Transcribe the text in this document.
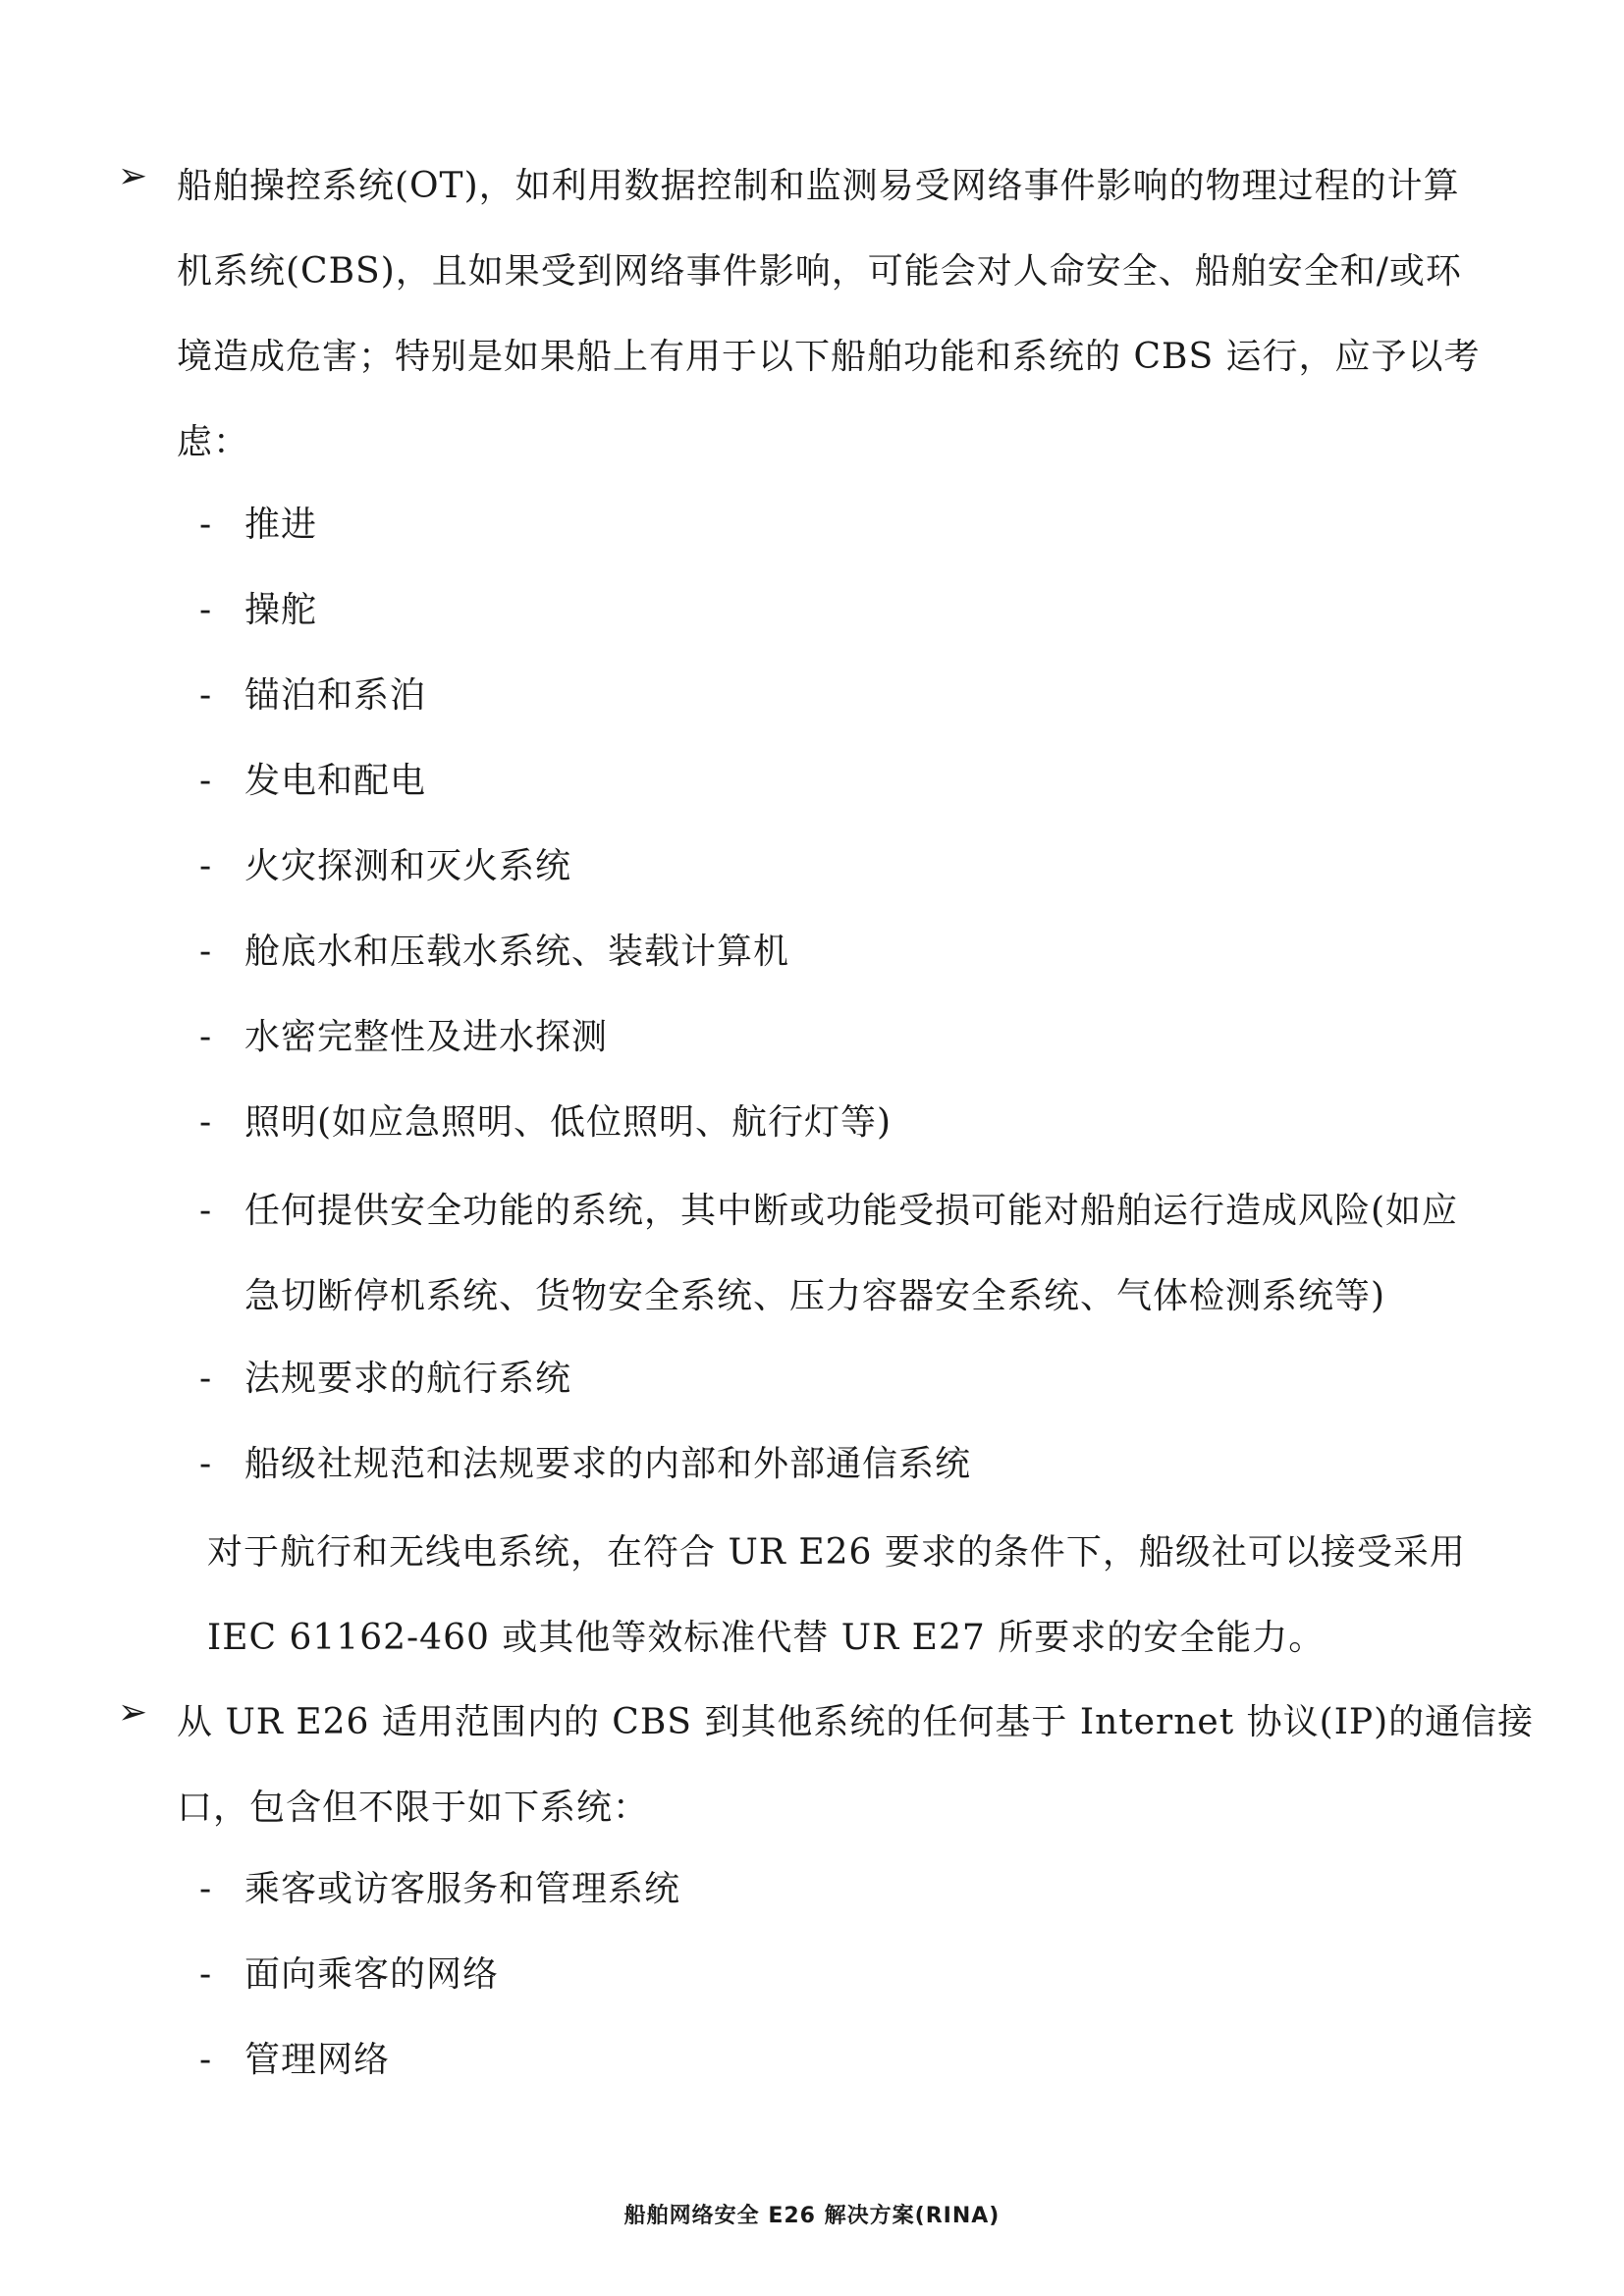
➢ 船舶操控系统(OT)，如利用数据控制和监测易受网络事件影响的物理过程的计算
机系统(CBS)，且如果受到网络事件影响，可能会对人命安全、船舶安全和/或环
境造成危害；特别是如果船上有用于以下船舶功能和系统的 CBS 运行，应予以考
虑：
- 推进
- 操舵
- 锚泊和系泊
- 发电和配电
- 火灾探测和灭火系统
- 舱底水和压载水系统、装载计算机
- 水密完整性及进水探测
- 照明(如应急照明、低位照明、航行灯等)
- 任何提供安全功能的系统，其中断或功能受损可能对船舶运行造成风险(如应
急切断停机系统、货物安全系统、压力容器安全系统、气体检测系统等)
- 法规要求的航行系统
- 船级社规范和法规要求的内部和外部通信系统
对于航行和无线电系统，在符合 UR E26 要求的条件下，船级社可以接受采用
IEC 61162-460 或其他等效标准代替 UR E27 所要求的安全能力。
➢ 从 UR E26 适用范围内的 CBS 到其他系统的任何基于 Internet 协议(IP)的通信接
口，包含但不限于如下系统：
- 乘客或访客服务和管理系统
- 面向乘客的网络
- 管理网络
船舶网络安全 E26 解决方案(RINA)
